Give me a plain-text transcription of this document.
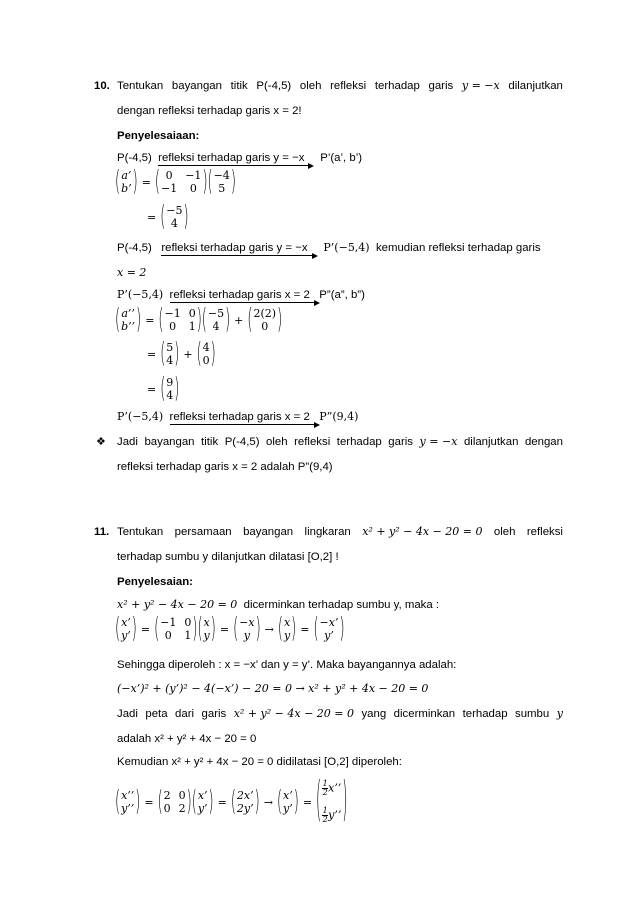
10. Tentukan bayangan titik P(-4,5) oleh refleksi terhadap garis y = −x dilanjutkan
dengan refleksi terhadap garis x = 2!
Penyelesaiaan:
P(-4,5) refleksi terhadap garis y = −x P’(a’, b’)
( a’
b’ ) = ( 0	−1
−1	0 ) ( −4
5 )
= ( −5
4 )
P(-4,5) refleksi terhadap garis y = −x P’(−5,4) kemudian refleksi terhadap garis
x = 2
P’(−5,4) refleksi terhadap garis x = 2 P”(a”, b”)
( a’’
b’’ ) = ( −1 0
0	1 ) ( −5
4 ) + ( 2(2)
0 )
= ( 5
4 ) + ( 4
0 )
= ( 9
4 )
P’(−5,4) refleksi terhadap garis x = 2 P”(9,4)
❖ Jadi bayangan titik P(-4,5) oleh refleksi terhadap garis y = −x dilanjutkan dengan
refleksi terhadap garis x = 2 adalah P”(9,4)
11. Tentukan persamaan bayangan lingkaran x² + y² − 4x − 20 = 0 oleh refleksi
terhadap sumbu y dilanjutkan dilatasi [O,2] !
Penyelesaian:
x² + y² − 4x − 20 = 0 dicerminkan terhadap sumbu y, maka :
( x’
y’ ) = ( −1 0
0	1 ) ( x
y ) = ( −x
y ) → ( x
y ) = ( −x’
y’ )
Sehingga diperoleh : x = −x’ dan y = y’. Maka bayangannya adalah:
(−x’)² + (y’)² − 4(−x’) − 20 = 0 → x² + y² + 4x − 20 = 0
Jadi peta dari garis x² + y² − 4x − 20 = 0 yang dicerminkan terhadap sumbu y
adalah x² + y² + 4x − 20 = 0
Kemudian x² + y² + 4x − 20 = 0 didilatasi [O,2] diperoleh:
( x’’
y’’ ) = ( 2 0
0 2 ) ( x’
y’ ) = ( 2x’
2y’ ) → ( x’
y’ ) = ( $\frac{1}{2} x$’’
$\frac{1}{2} y$’’ )
